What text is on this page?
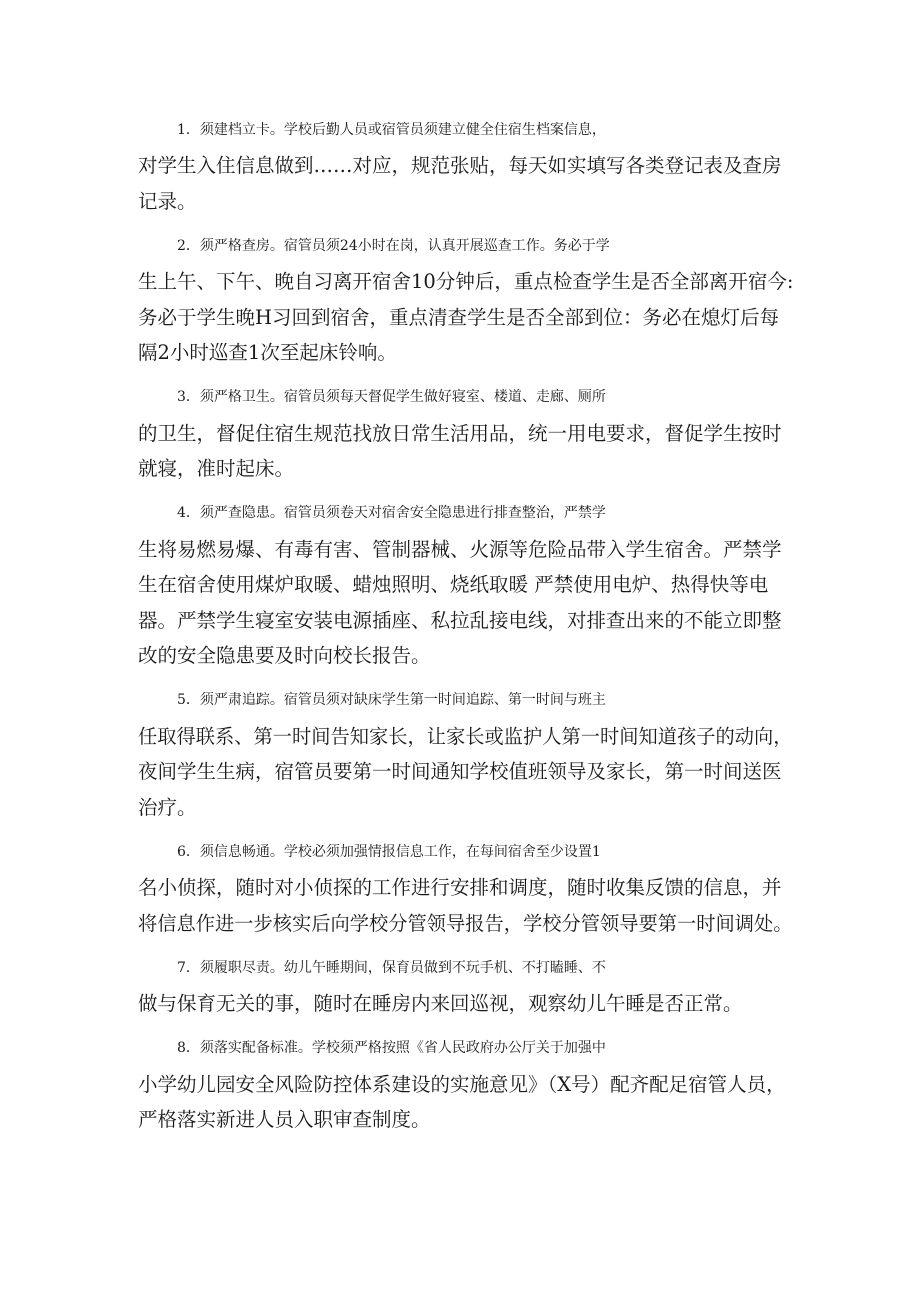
1．须建档立卡。学校后勤人员或宿管员须建立健全住宿生档案信息，
对学生入住信息做到……对应，规范张贴，每天如实填写各类登记表及查房
记录。

2．须严格查房。宿管员须24小时在岗，认真开展巡查工作。务必于学
生上午、下午、晚自习离开宿舍10分钟后，重点检查学生是否全部离开宿今:
务必于学生晚H习回到宿舍，重点清查学生是否全部到位：务必在熄灯后每
隔2小时巡查1次至起床铃响。

3．须严格卫生。宿管员须每天督促学生做好寝室、楼道、走廊、厕所
的卫生，督促住宿生规范找放日常生活用品，统一用电要求，督促学生按时
就寝，准时起床。

4．须严查隐患。宿管员须卷天对宿舍安全隐患进行排查整治，严禁学
生将易燃易爆、有毒有害、管制器械、火源等危险品带入学生宿舍。严禁学
生在宿舍使用煤炉取暖、蜡烛照明、烧纸取暖 严禁使用电炉、热得快等电
器。严禁学生寝室安装电源插座、私拉乱接电线，对排查出来的不能立即整
改的安全隐患要及时向校长报告。

5．须严肃追踪。宿管员须对缺床学生第一时间追踪、第一时间与班主
任取得联系、第一时间告知家长，让家长或监护人第一时间知道孩子的动向，
夜间学生生病，宿管员要第一时间通知学校值班领导及家长，第一时间送医
治疗。

6．须信息畅通。学校必须加强情报信息工作，在每间宿舍至少设置1
名小侦探，随时对小侦探的工作进行安排和调度，随时收集反馈的信息，并
将信息作进一步核实后向学校分管领导报告，学校分管领导要第一时间调处。

7．须履职尽责。幼儿午睡期间，保育员做到不玩手机、不打瞌睡、不
做与保育无关的事，随时在睡房内来回巡视，观察幼儿午睡是否正常。

8．须落实配备标准。学校须严格按照《省人民政府办公厅关于加强中
小学幼儿园安全风险防控体系建设的实施意见》（X号）配齐配足宿管人员，
严格落实新进人员入职审查制度。
